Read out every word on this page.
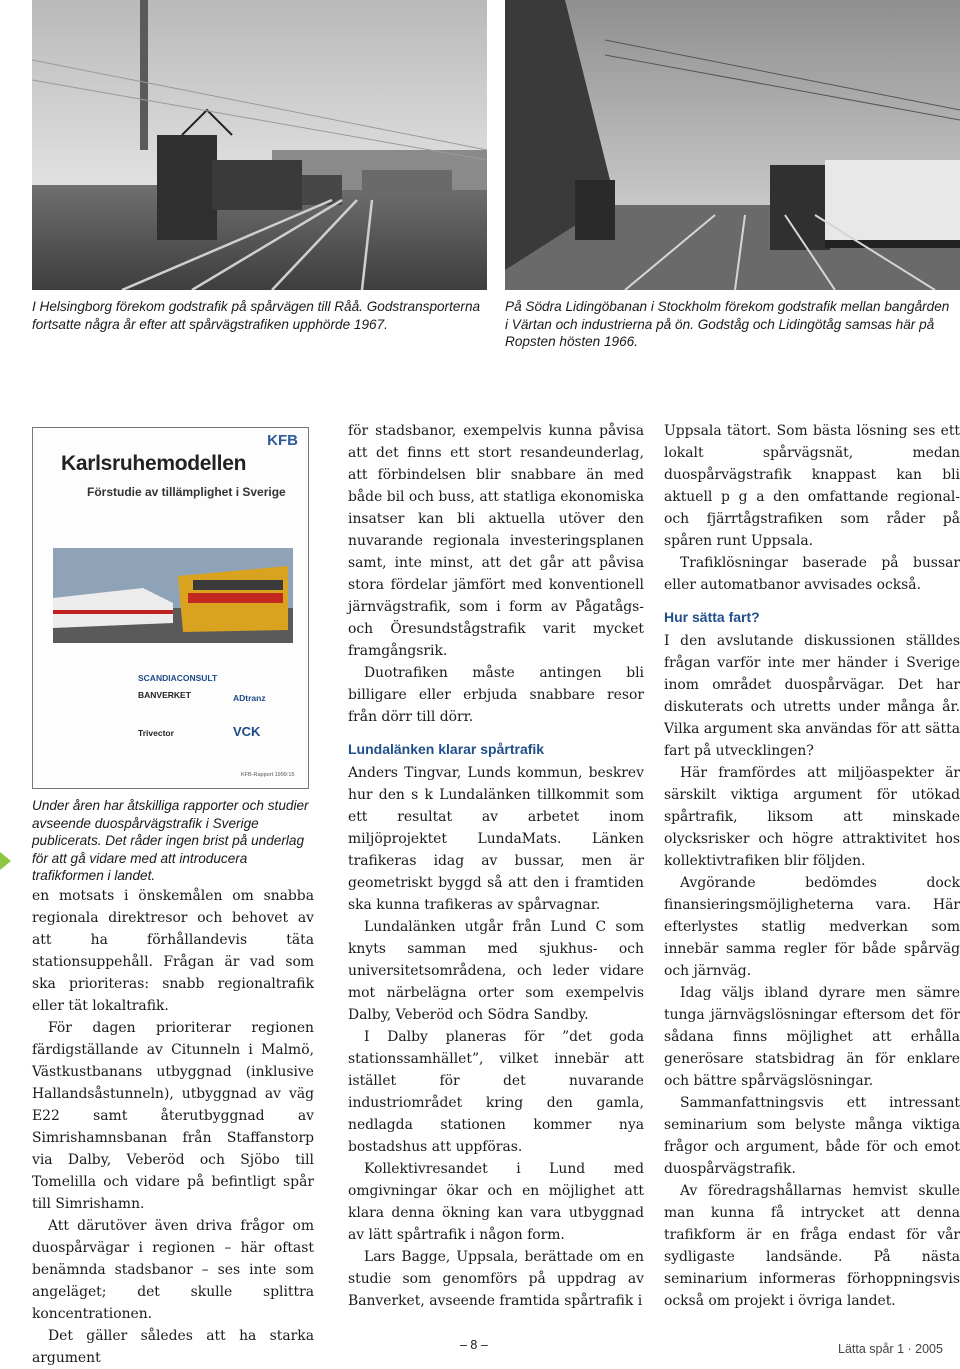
I Helsingborg förekom godstrafik på spårvägen till Råå. Godstransporterna fortsatte några år efter att spårvägstrafiken upphörde 1967.
På Södra Lidingöbanan i Stockholm förekom godstrafik mellan bangården i Värtan och industrierna på ön. Godståg och Lidingötåg samsas här på Ropsten hösten 1966.
KFB
Karlsruhemodellen
Förstudie av tillämplighet i Sverige
SCANDIACONSULT
BANVERKET	ADtranz
Trivector	VCK
KFB-Rapport 1999:15
Under åren har åtskilliga rapporter och studier avseende duospårvägstrafik i Sverige publicerats. Det råder ingen brist på underlag för att gå vidare med att introducera trafikformen i landet.

en motsats i önskemålen om snabba regionala direktresor och behovet av att ha förhållandevis täta stationsuppehåll. Frågan är vad som ska prioriteras: snabb regionaltrafik eller tät lokaltrafik.

För dagen prioriterar regionen färdigställande av Citunneln i Malmö, Västkustbanans utbyggnad (inklusive Hallandsåstunneln), utbyggnad av väg E22 samt återutbyggnad av Simrishamnsbanan från Staffanstorp via Dalby, Veberöd och Sjöbo till Tomelilla och vidare på befintligt spår till Simrishamn.

Att därutöver även driva frågor om duospårvägar i regionen – här oftast benämnda stadsbanor – ses inte som angeläget; det skulle splittra koncentrationen.

Det gäller således att ha starka argument

för stadsbanor, exempelvis kunna påvisa att det finns ett stort resandeunderlag, att förbindelsen blir snabbare än med både bil och buss, att statliga ekonomiska insatser kan bli aktuella utöver den nuvarande regionala investeringsplanen samt, inte minst, att det går att påvisa stora fördelar jämfört med konventionell järnvägstrafik, som i form av Pågatågs- och Öresundstågstrafik varit mycket framgångsrik.

Duotrafiken måste antingen bli billigare eller erbjuda snabbare resor från dörr till dörr.

Lundalänken klarar spårtrafik

Anders Tingvar, Lunds kommun, beskrev hur den s k Lundalänken tillkommit som ett resultat av arbetet inom miljöprojektet LundaMats. Länken trafikeras idag av bussar, men är geometriskt byggd så att den i framtiden ska kunna trafikeras av spårvagnar.

Lundalänken utgår från Lund C som knyts samman med sjukhus- och universitetsområdena, och leder vidare mot närbelägna orter som exempelvis Dalby, Veberöd och Södra Sandby.

I Dalby planeras för ”det goda stationssamhället”, vilket innebär att istället för det nuvarande industriområdet kring den gamla, nedlagda stationen kommer nya bostadshus att uppföras.

Kollektivresandet i Lund med omgivningar ökar och en möjlighet att klara denna ökning kan vara utbyggnad av lätt spårtrafik i någon form.

Lars Bagge, Uppsala, berättade om en studie som genomförs på uppdrag av Banverket, avseende framtida spårtrafik i

Uppsala tätort. Som bästa lösning ses ett lokalt spårvägsnät, medan duospårvägstrafik knappast kan bli aktuell p g a den omfattande regional- och fjärrtågstrafiken som råder på spåren runt Uppsala.

Trafiklösningar baserade på bussar eller automatbanor avvisades också.

Hur sätta fart?

I den avslutande diskussionen ställdes frågan varför inte mer händer i Sverige inom området duospårvägar. Det har diskuterats och utretts under många år. Vilka argument ska användas för att sätta fart på utvecklingen?

Här framfördes att miljöaspekter är särskilt viktiga argument för utökad spårtrafik, liksom att minskade olycksrisker och högre attraktivitet hos kollektivtrafiken blir följden.

Avgörande bedömdes dock finansieringsmöjligheterna vara. Här efterlystes statlig medverkan som innebär samma regler för både spårväg och järnväg.

Idag väljs ibland dyrare men sämre tunga järnvägslösningar eftersom det för sådana finns möjlighet att erhålla generösare statsbidrag än för enklare och bättre spårvägslösningar.

Sammanfattningsvis ett intressant seminarium som belyste många viktiga frågor och argument, både för och emot duospårvägstrafik.

Av föredragshållarnas hemvist skulle man kunna få intrycket att denna trafikform är en fråga endast för vår sydligaste landsände. På nästa seminarium informeras förhoppningsvis också om projekt i övriga landet.

– 8 –	Lätta spår 1 · 2005
